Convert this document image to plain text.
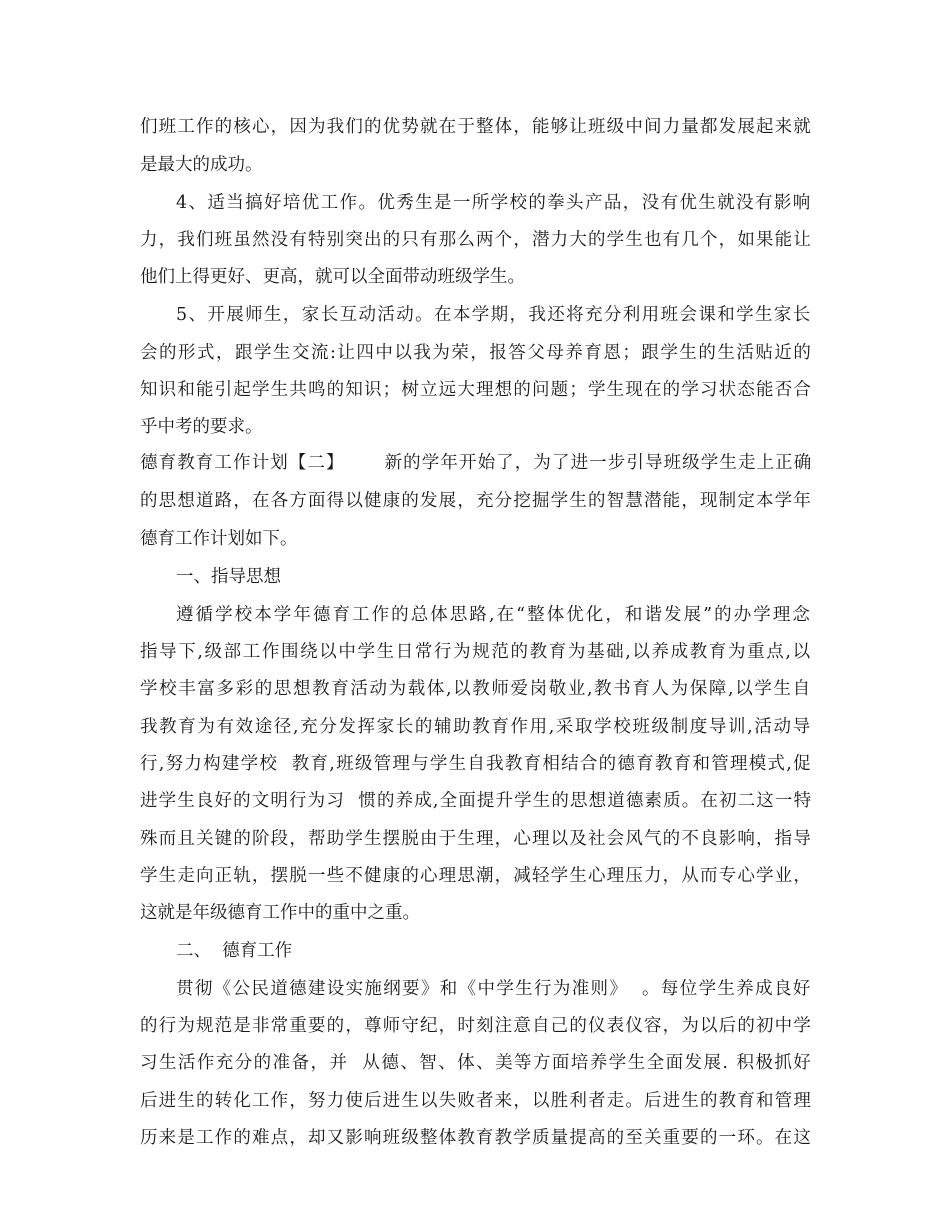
们班工作的核心，因为我们的优势就在于整体，能够让班级中间力量都发展起来就

是最大的成功。

4、适当搞好培优工作。优秀生是一所学校的拳头产品，没有优生就没有影响

力，我们班虽然没有特别突出的只有那么两个，潜力大的学生也有几个，如果能让

他们上得更好、更高，就可以全面带动班级学生。

5、开展师生，家长互动活动。在本学期，我还将充分利用班会课和学生家长

会的形式，跟学生交流:让四中以我为荣，报答父母养育恩；跟学生的生活贴近的

知识和能引起学生共鸣的知识；树立远大理想的问题；学生现在的学习状态能否合

乎中考的要求。

德育教育工作计划【二】      新的学年开始了，为了进一步引导班级学生走上正确

的思想道路，在各方面得以健康的发展，充分挖掘学生的智慧潜能，现制定本学年

德育工作计划如下。

一、指导思想

遵循学校本学年德育工作的总体思路,在“整体优化，和谐发展”的办学理念

指导下,级部工作围绕以中学生日常行为规范的教育为基础,以养成教育为重点,以

学校丰富多彩的思想教育活动为载体,以教师爱岗敬业,教书育人为保障,以学生自

我教育为有效途径,充分发挥家长的辅助教育作用,采取学校班级制度导训,活动导

行,努力构建学校  教育,班级管理与学生自我教育相结合的德育教育和管理模式,促

进学生良好的文明行为习  惯的养成,全面提升学生的思想道德素质。在初二这一特

殊而且关键的阶段，帮助学生摆脱由于生理，心理以及社会风气的不良影响，指导

学生走向正轨，摆脱一些不健康的心理思潮，减轻学生心理压力，从而专心学业，

这就是年级德育工作中的重中之重。

二、  德育工作

贯彻《公民道德建设实施纲要》和《中学生行为准则》  。每位学生养成良好

的行为规范是非常重要的，尊师守纪，时刻注意自己的仪表仪容，为以后的初中学

习生活作充分的准备，并  从德、智、体、美等方面培养学生全面发展. 积极抓好

后进生的转化工作，努力使后进生以失败者来，以胜利者走。后进生的教育和管理

历来是工作的难点，却又影响班级整体教育教学质量提高的至关重要的一环。在这
